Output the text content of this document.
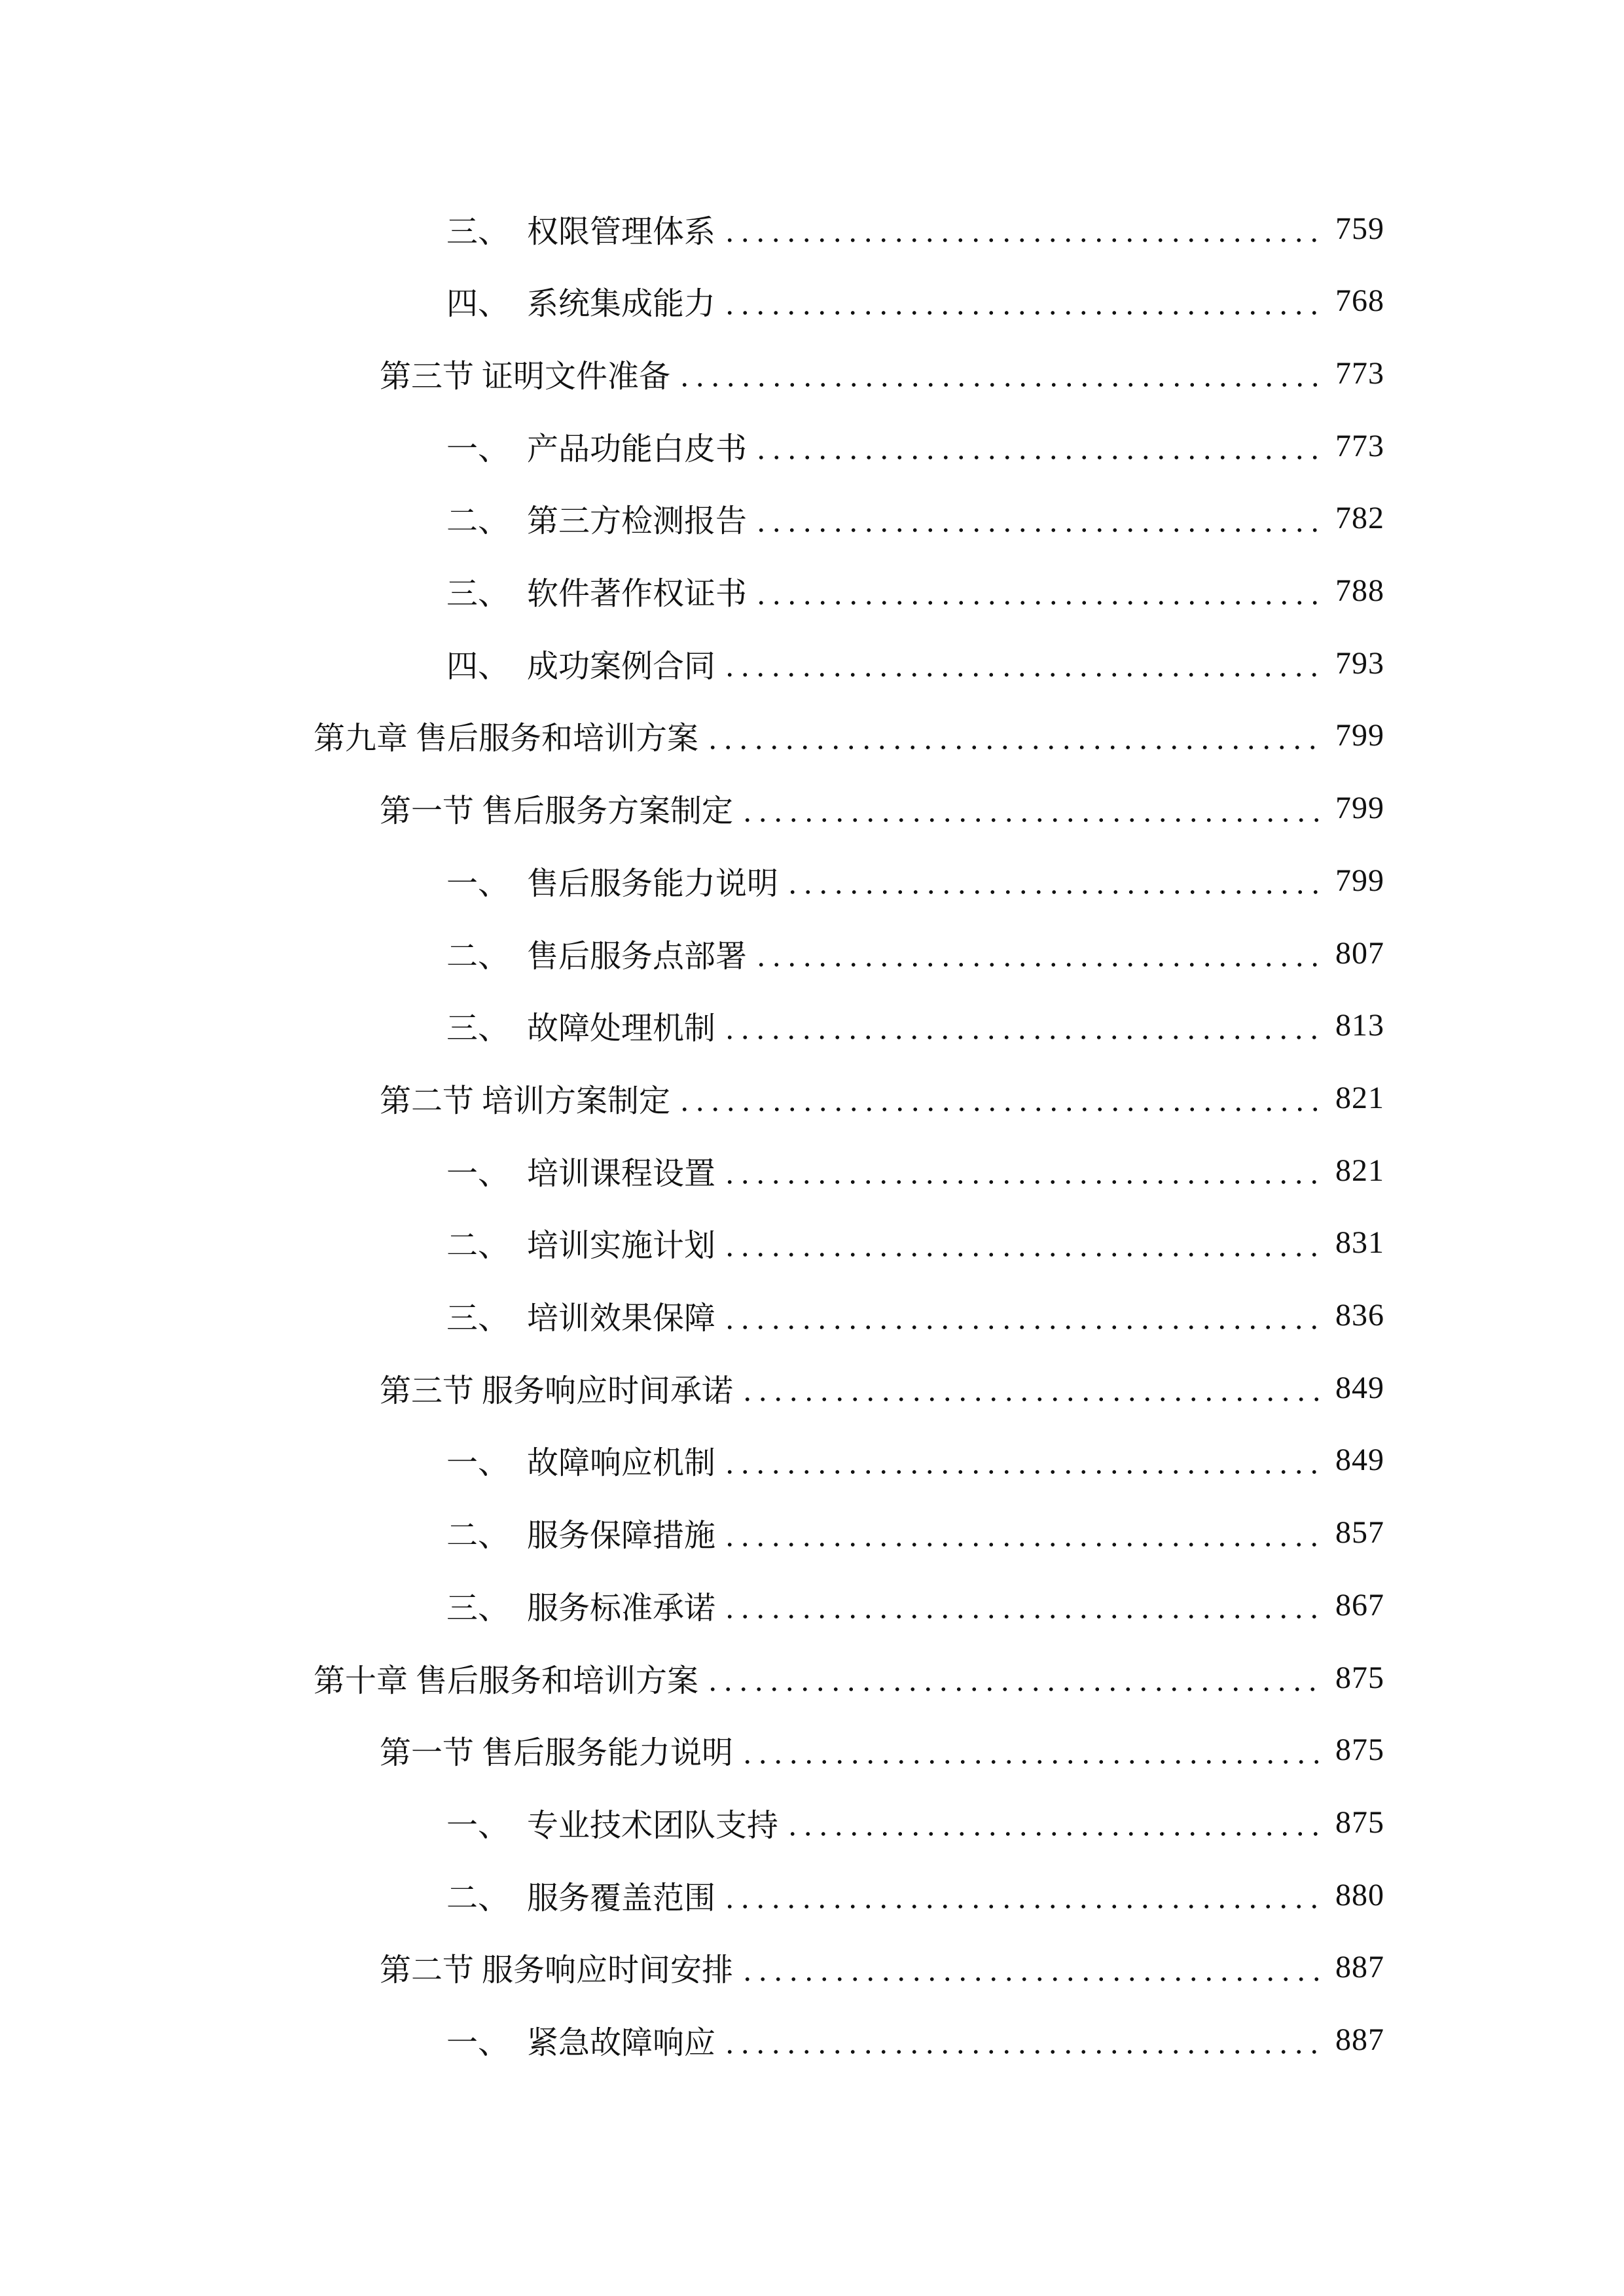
三、 权限管理体系	759
四、 系统集成能力	768
第三节 证明文件准备	773
一、 产品功能白皮书	773
二、 第三方检测报告	782
三、 软件著作权证书	788
四、 成功案例合同	793
第九章 售后服务和培训方案	799
第一节 售后服务方案制定	799
一、 售后服务能力说明	799
二、 售后服务点部署	807
三、 故障处理机制	813
第二节 培训方案制定	821
一、 培训课程设置	821
二、 培训实施计划	831
三、 培训效果保障	836
第三节 服务响应时间承诺	849
一、 故障响应机制	849
二、 服务保障措施	857
三、 服务标准承诺	867
第十章 售后服务和培训方案	875
第一节 售后服务能力说明	875
一、 专业技术团队支持	875
二、 服务覆盖范围	880
第二节 服务响应时间安排	887
一、 紧急故障响应	887
